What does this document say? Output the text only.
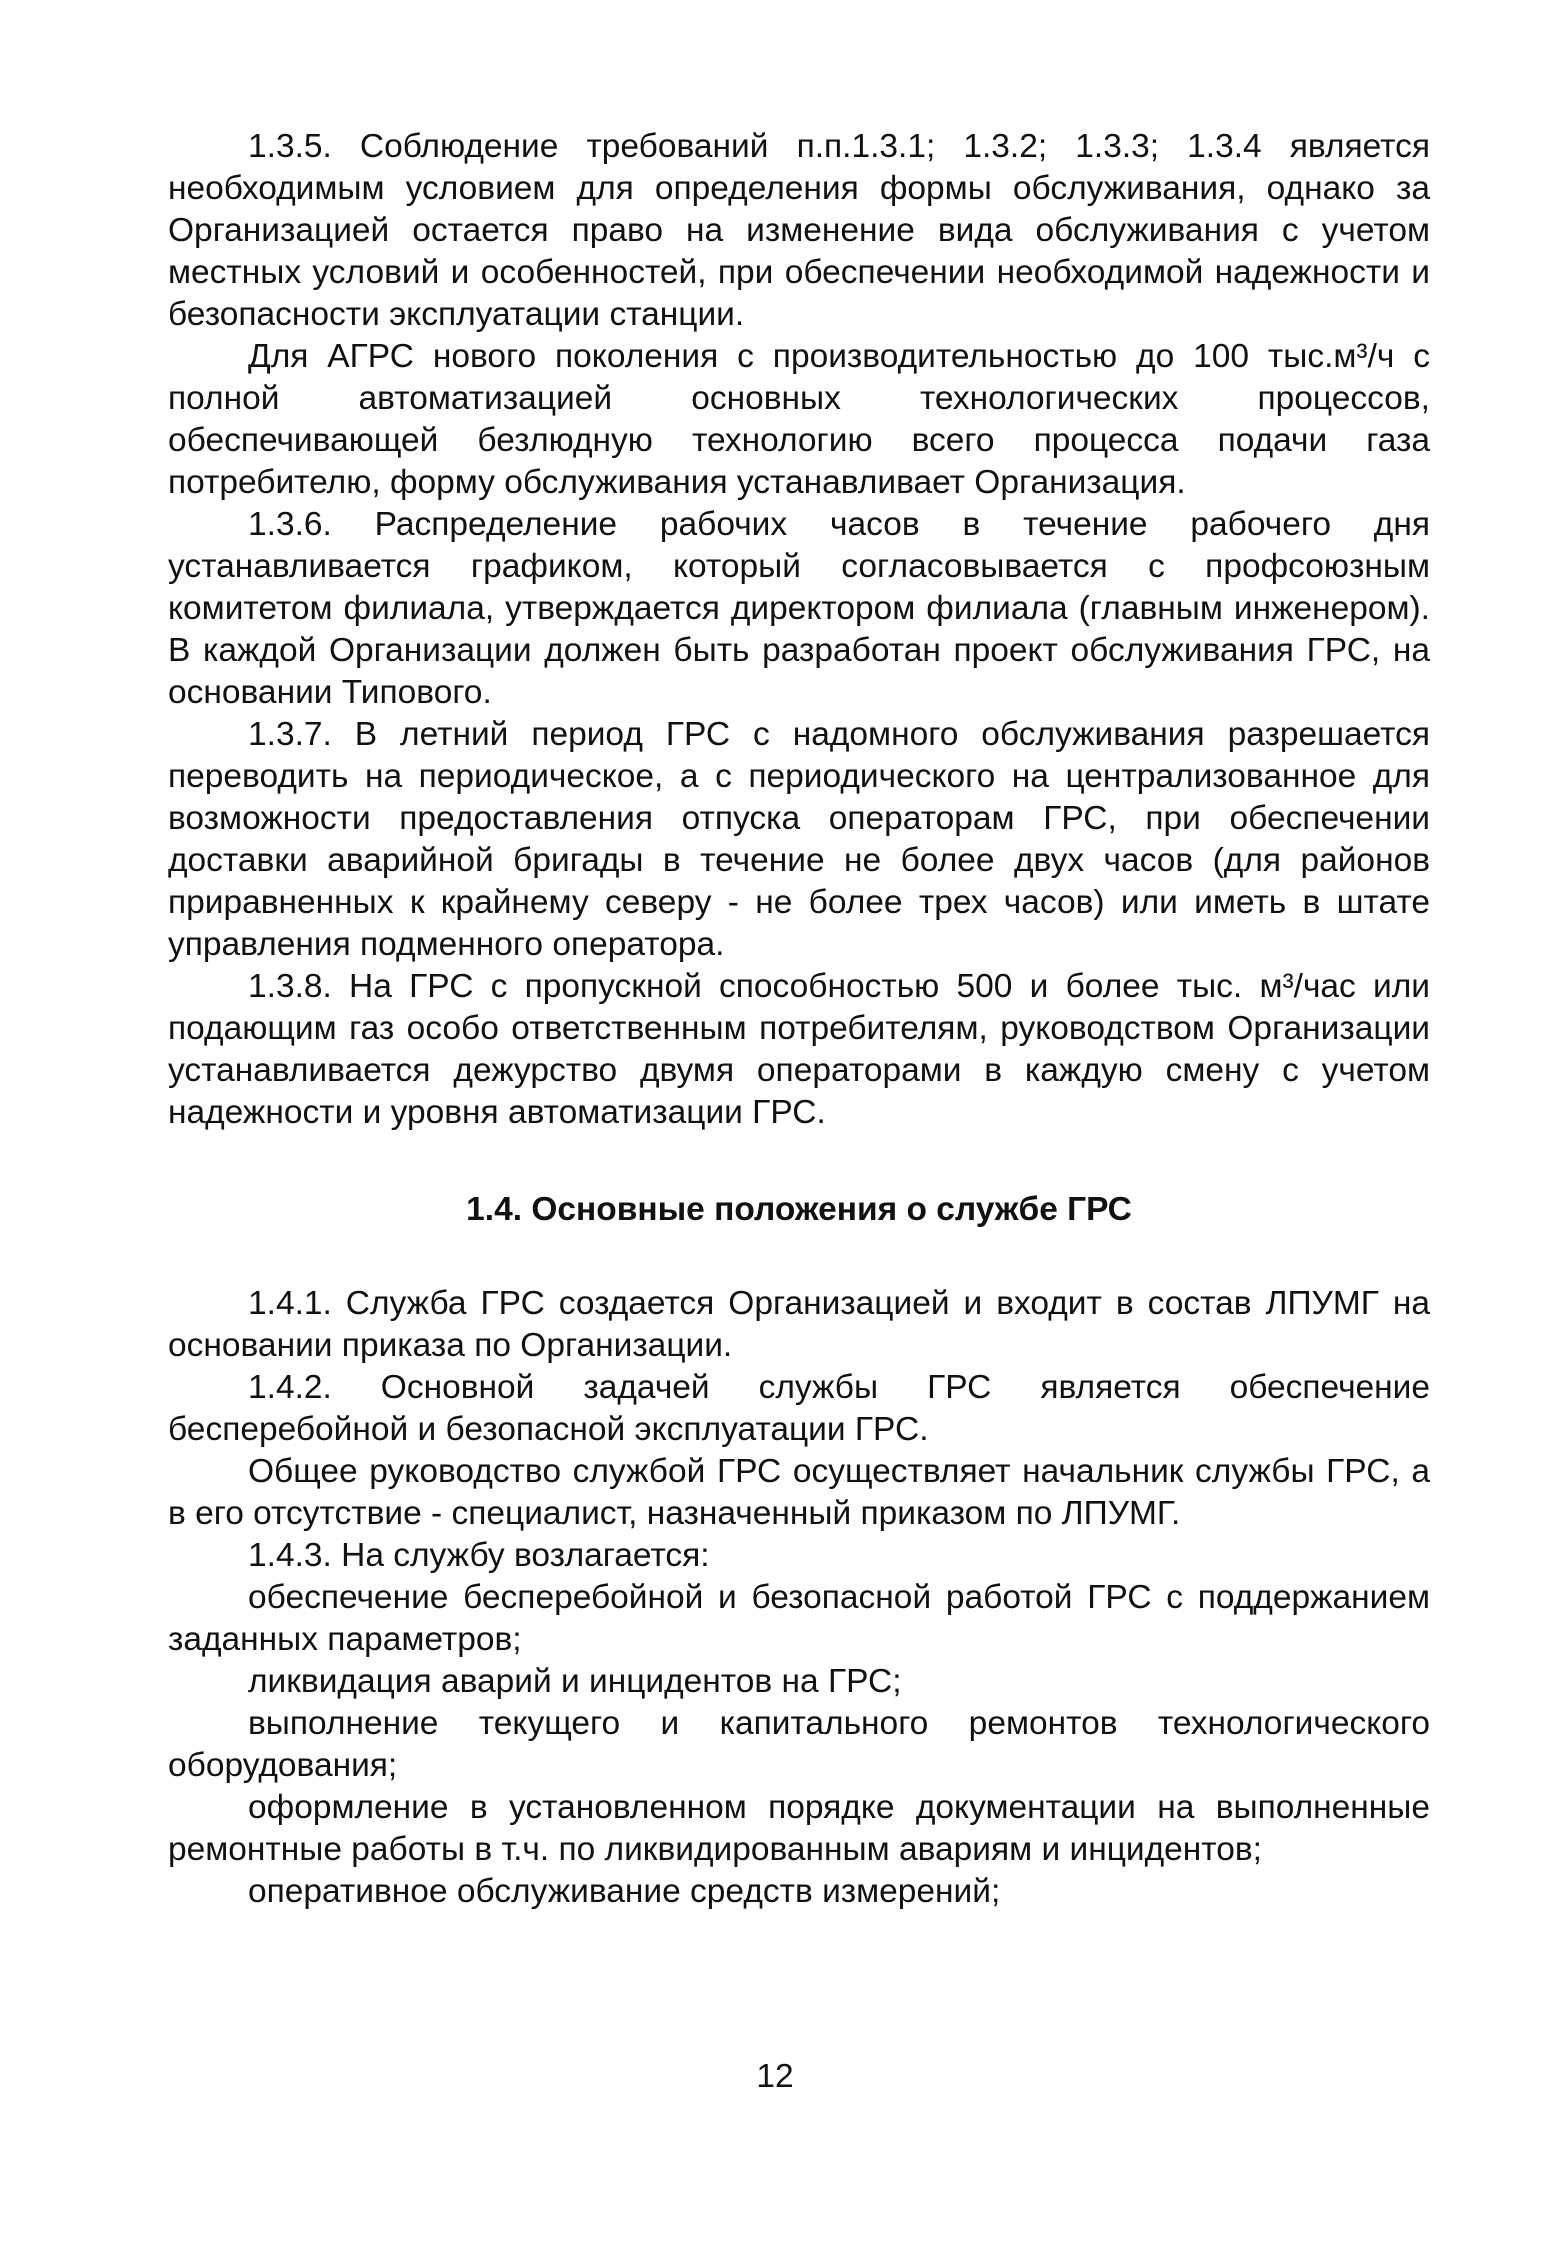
1.3.5. Соблюдение требований п.п.1.3.1; 1.3.2; 1.3.3; 1.3.4 является необходимым условием для определения формы обслуживания, однако за Организацией остается право на изменение вида обслуживания с учетом местных условий и особенностей, при обеспечении необходимой надежности и безопасности эксплуатации станции.

Для АГРС нового поколения с производительностью до 100 тыс.м³/ч с полной автоматизацией основных технологических процессов, обеспечивающей безлюдную технологию всего процесса подачи газа потребителю, форму обслуживания устанавливает Организация.

1.3.6. Распределение рабочих часов в течение рабочего дня устанавливается графиком, который согласовывается с профсоюзным комитетом филиала, утверждается директором филиала (главным инженером). В каждой Организации должен быть разработан проект обслуживания ГРС, на основании Типового.

1.3.7. В летний период ГРС с надомного обслуживания разрешается переводить на периодическое, а с периодического на централизованное для возможности предоставления отпуска операторам ГРС, при обеспечении доставки аварийной бригады в течение не более двух часов (для районов приравненных к крайнему северу - не более трех часов) или иметь в штате управления подменного оператора.

1.3.8. На ГРС с пропускной способностью 500 и более тыс. м³/час или подающим газ особо ответственным потребителям, руководством Организации устанавливается дежурство двумя операторами в каждую смену с учетом надежности и уровня автоматизации ГРС.

1.4. Основные положения о службе ГРС

1.4.1. Служба ГРС создается Организацией и входит в состав ЛПУМГ на основании приказа по Организации.

1.4.2. Основной задачей службы ГРС является обеспечение бесперебойной и безопасной эксплуатации ГРС.

Общее руководство службой ГРС осуществляет начальник службы ГРС, а в его отсутствие - специалист, назначенный приказом по ЛПУМГ.

1.4.3. На службу возлагается:

обеспечение бесперебойной и безопасной работой ГРС с поддержанием заданных параметров;

ликвидация аварий и инцидентов на ГРС;

выполнение текущего и капитального ремонтов технологического оборудования;

оформление в установленном порядке документации на выполненные ремонтные работы в т.ч. по ликвидированным авариям и инцидентов;

оперативное обслуживание средств измерений;

12
